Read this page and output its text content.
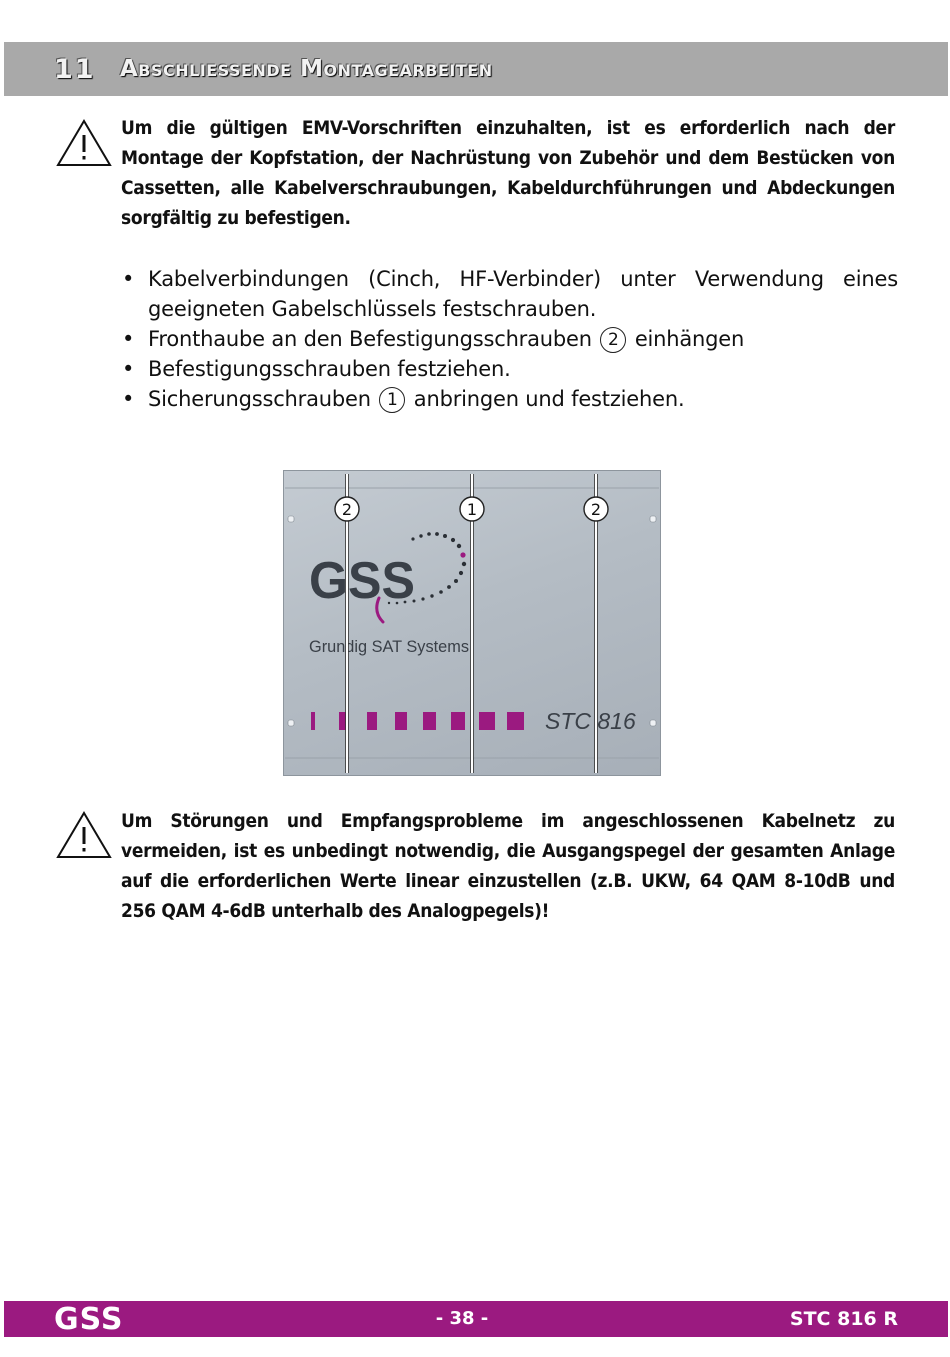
11 Abschliessende Montagearbeiten
Um die gültigen EMV-Vorschriften einzuhalten, ist es erforderlich nach der Montage der Kopfstation, der Nachrüstung von Zubehör und dem Bestücken von Cassetten, alle Kabelverschraubungen, Kabeldurchführungen und Abdeckungen sorgfältig zu befestigen.
• Kabelverbindungen (Cinch, HF-Verbinder) unter Verwendung eines geeigneten Gabelschlüssels festschrauben.
• Fronthaube an den Befestigungsschrauben 2 einhängen
• Befestigungsschrauben festziehen.
• Sicherungsschrauben 1 anbringen und festziehen.
GSS
Grundig SAT Systems
STC 816
2	1	2
Um Störungen und Empfangsprobleme im angeschlossenen Kabelnetz zu vermeiden, ist es unbedingt notwendig, die Ausgangspegel der gesamten Anlage auf die erforderlichen Werte linear einzustellen (z.B. UKW, 64 QAM 8-10dB und 256 QAM 4-6dB unterhalb des Analogpegels)!
GSS	- 38 -	STC 816 R
